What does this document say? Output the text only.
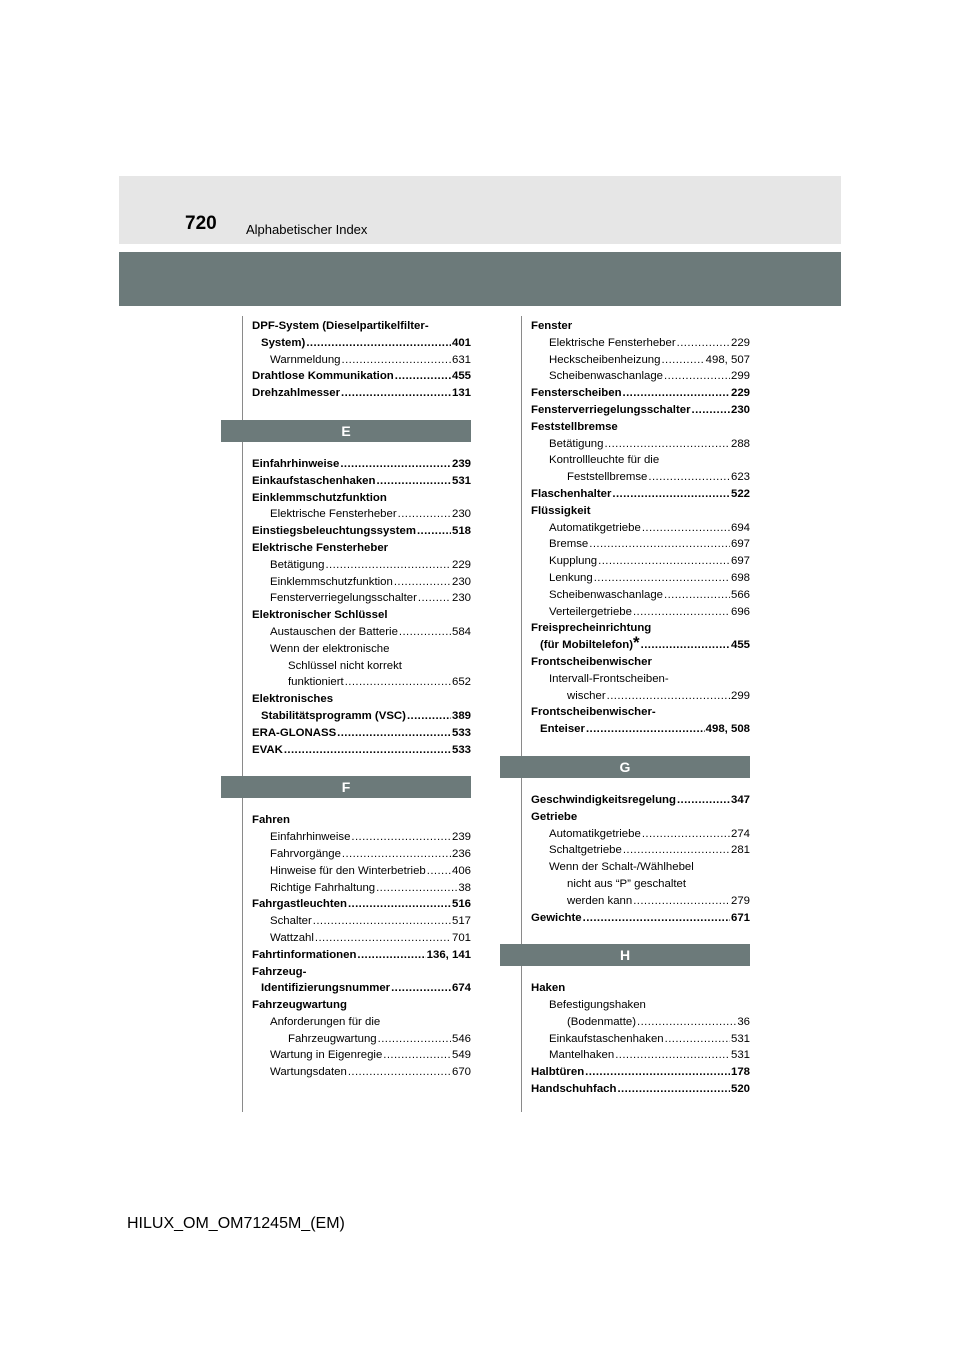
720 Alphabetischer Index
DPF-System (Dieselpartikelfilter-
System) .....	401
Warnmeldung .....	631
Drahtlose Kommunikation .....	455
Drehzahlmesser .....	131
E
Einfahrhinweise .....	239
Einkaufstaschenhaken .....	531
Einklemmschutzfunktion
Elektrische Fensterheber .....	230
Einstiegsbeleuchtungssystem .....	518
Elektrische Fensterheber
Betätigung .....	229
Einklemmschutzfunktion .....	230
Fensterverriegelungsschalter .....	230
Elektronischer Schlüssel
Austauschen der Batterie .....	584
Wenn der elektronische
Schlüssel nicht korrekt
funktioniert .....	652
Elektronisches
Stabilitätsprogramm (VSC) .....	389
ERA-GLONASS .....	533
EVAK .....	533
F
Fahren
Einfahrhinweise .....	239
Fahrvorgänge .....	236
Hinweise für den Winterbetrieb ..... 406
Richtige Fahrhaltung .....	38
Fahrgastleuchten .....	516
Schalter .....	517
Wattzahl .....	701
Fahrtinformationen .....	136, 141
Fahrzeug-
Identifizierungsnummer .....	674
Fahrzeugwartung
Anforderungen für die
Fahrzeugwartung .....	546
Wartung in Eigenregie .....	549
Wartungsdaten .....	670
Fenster
Elektrische Fensterheber .....	229
Heckscheibenheizung .....	498, 507
Scheibenwaschanlage .....	299
Fensterscheiben .....	229
Fensterverriegelungsschalter .....	230
Feststellbremse
Betätigung .....	288
Kontrollleuchte für die
Feststellbremse .....	623
Flaschenhalter .....	522
Flüssigkeit
Automatikgetriebe .....	694
Bremse .....	697
Kupplung .....	697
Lenkung .....	698
Scheibenwaschanlage .....	566
Verteilergetriebe .....	696
Freisprecheinrichtung
(für Mobiltelefon) * .....	455
Frontscheibenwischer
Intervall-Frontscheiben-
wischer .....	299
Frontscheibenwischer-
Enteiser .....	498, 508
G
Geschwindigkeitsregelung .....	347
Getriebe
Automatikgetriebe .....	274
Schaltgetriebe .....	281
Wenn der Schalt-/Wählhebel
nicht aus “P” geschaltet
werden kann .....	279
Gewichte .....	671
H
Haken
Befestigungshaken
(Bodenmatte) .....	36
Einkaufstaschenhaken .....	531
Mantelhaken .....	531
Halbtüren .....	178
Handschuhfach .....	520
HILUX_OM_OM71245M_(EM)
